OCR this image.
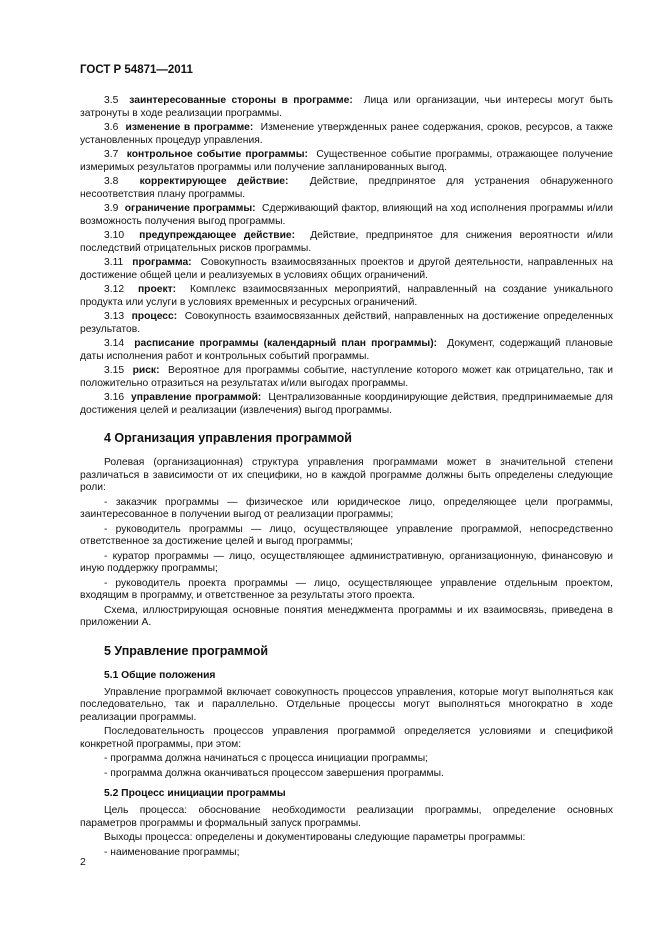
ГОСТ Р 54871—2011

3.5 заинтересованные стороны в программе: Лица или организации, чьи интересы могут быть затронуты в ходе реализации программы.

3.6 изменение в программе: Изменение утвержденных ранее содержания, сроков, ресурсов, а также установленных процедур управления.

3.7 контрольное событие программы: Существенное событие программы, отражающее получение измеримых результатов программы или получение запланированных выгод.

3.8 корректирующее действие: Действие, предпринятое для устранения обнаруженного несоответствия плану программы.

3.9 ограничение программы: Сдерживающий фактор, влияющий на ход исполнения программы и/или возможность получения выгод программы.

3.10 предупреждающее действие: Действие, предпринятое для снижения вероятности и/или последствий отрицательных рисков программы.

3.11 программа: Совокупность взаимосвязанных проектов и другой деятельности, направленных на достижение общей цели и реализуемых в условиях общих ограничений.

3.12 проект: Комплекс взаимосвязанных мероприятий, направленный на создание уникального продукта или услуги в условиях временных и ресурсных ограничений.

3.13 процесс: Совокупность взаимосвязанных действий, направленных на достижение определенных результатов.

3.14 расписание программы (календарный план программы): Документ, содержащий плановые даты исполнения работ и контрольных событий программы.

3.15 риск: Вероятное для программы событие, наступление которого может как отрицательно, так и положительно отразиться на результатах и/или выгодах программы.

3.16 управление программой: Централизованные координирующие действия, предпринимаемые для достижения целей и реализации (извлечения) выгод программы.

4 Организация управления программой

Ролевая (организационная) структура управления программами может в значительной степени различаться в зависимости от их специфики, но в каждой программе должны быть определены следующие роли:

- заказчик программы — физическое или юридическое лицо, определяющее цели программы, заинтересованное в получении выгод от реализации программы;

- руководитель программы — лицо, осуществляющее управление программой, непосредственно ответственное за достижение целей и выгод программы;

- куратор программы — лицо, осуществляющее административную, организационную, финансовую и иную поддержку программы;

- руководитель проекта программы — лицо, осуществляющее управление отдельным проектом, входящим в программу, и ответственное за результаты этого проекта.

Схема, иллюстрирующая основные понятия менеджмента программы и их взаимосвязь, приведена в приложении А.

5 Управление программой
5.1 Общие положения

Управление программой включает совокупность процессов управления, которые могут выполняться как последовательно, так и параллельно. Отдельные процессы могут выполняться многократно в ходе реализации программы.

Последовательность процессов управления программой определяется условиями и спецификой конкретной программы, при этом:

- программа должна начинаться с процесса инициации программы;

- программа должна оканчиваться процессом завершения программы.

5.2 Процесс инициации программы

Цель процесса: обоснование необходимости реализации программы, определение основных параметров программы и формальный запуск программы.

Выходы процесса: определены и документированы следующие параметры программы:

- наименование программы;

2
